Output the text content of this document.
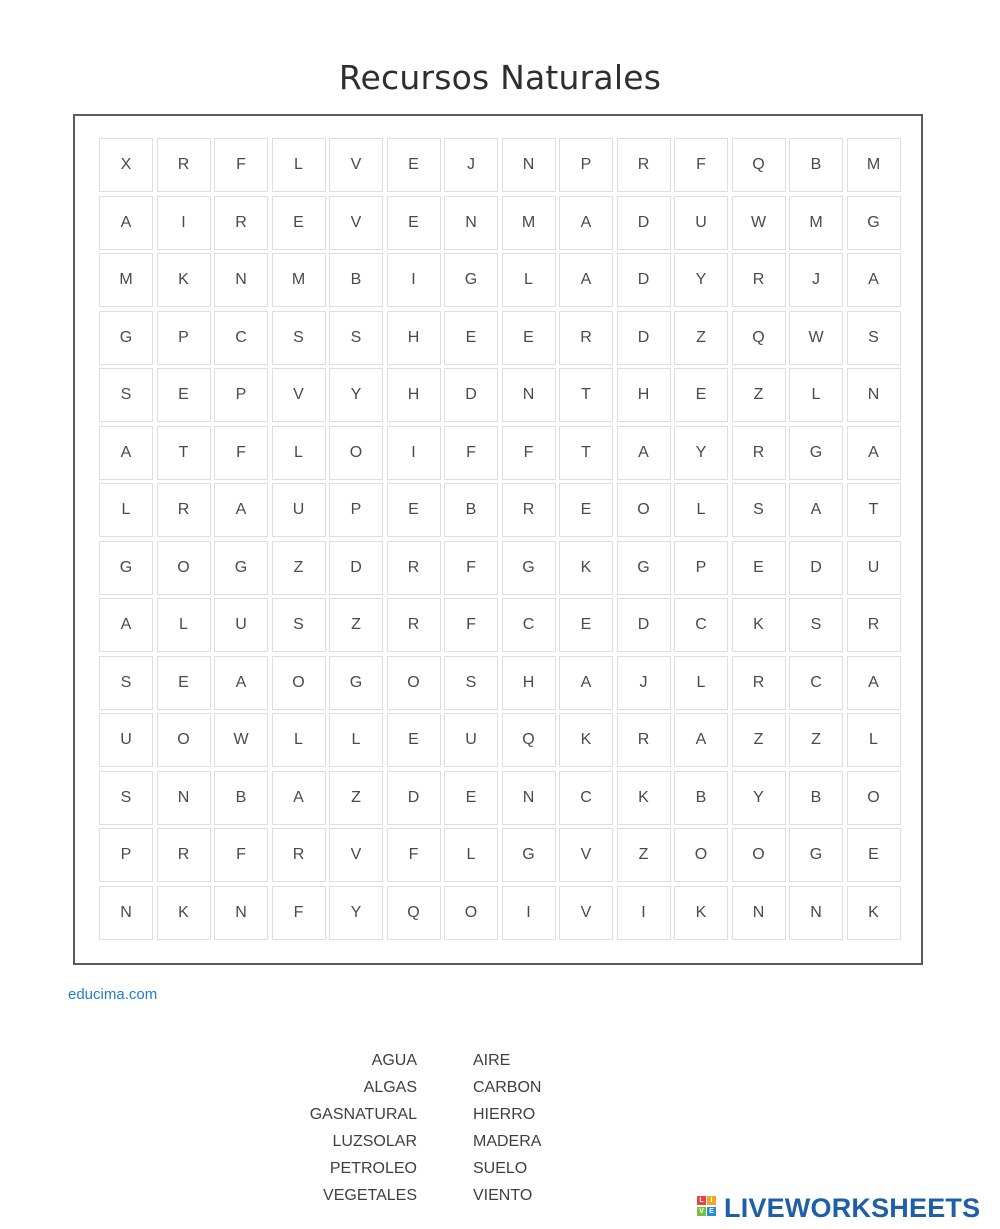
Recursos Naturales
X	R	F	L	V	E	J	N	P	R	F	Q	B	M
A	I	R	E	V	E	N	M	A	D	U	W	M	G
M	K	N	M	B	I	G	L	A	D	Y	R	J	A
G	P	C	S	S	H	E	E	R	D	Z	Q	W	S
S	E	P	V	Y	H	D	N	T	H	E	Z	L	N
A	T	F	L	O	I	F	F	T	A	Y	R	G	A
L	R	A	U	P	E	B	R	E	O	L	S	A	T
G	O	G	Z	D	R	F	G	K	G	P	E	D	U
A	L	U	S	Z	R	F	C	E	D	C	K	S	R
S	E	A	O	G	O	S	H	A	J	L	R	C	A
U	O	W	L	L	E	U	Q	K	R	A	Z	Z	L
S	N	B	A	Z	D	E	N	C	K	B	Y	B	O
P	R	F	R	V	F	L	G	V	Z	O	O	G	E
N	K	N	F	Y	Q	O	I	V	I	K	N	N	K
educima.com
AGUA
ALGAS
GASNATURAL
LUZSOLAR
PETROLEO
VEGETALES
AIRE
CARBON
HIERRO
MADERA
SUELO
VIENTO	L I
V E LIVEWORKSHEETS
